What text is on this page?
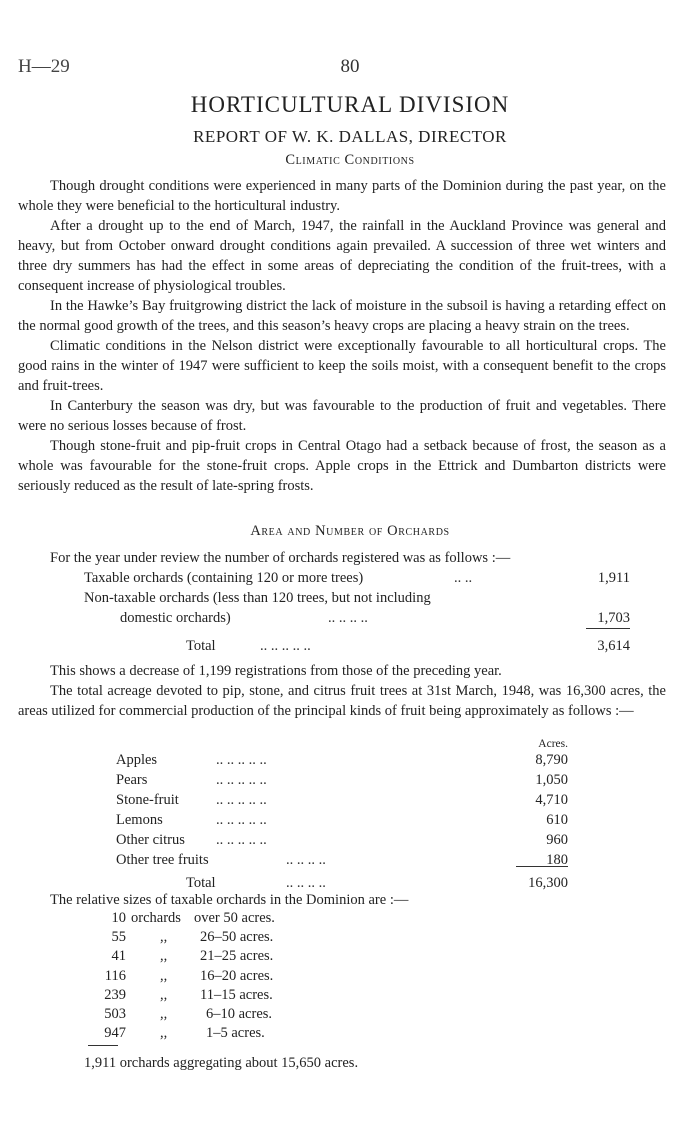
H—29	80
HORTICULTURAL DIVISION
REPORT OF W. K. DALLAS, DIRECTOR
Climatic Conditions

Though drought conditions were experienced in many parts of the Dominion during the past year, on the whole they were beneficial to the horticultural industry.

After a drought up to the end of March, 1947, the rainfall in the Auckland Province was general and heavy, but from October onward drought conditions again prevailed. A succession of three wet winters and three dry summers has had the effect in some areas of depreciating the condition of the fruit-trees, with a consequent increase of physiological troubles.

In the Hawke’s Bay fruitgrowing district the lack of moisture in the subsoil is having a retarding effect on the normal good growth of the trees, and this season’s heavy crops are placing a heavy strain on the trees.

Climatic conditions in the Nelson district were exceptionally favourable to all horticultural crops. The good rains in the winter of 1947 were sufficient to keep the soils moist, with a consequent benefit to the crops and fruit-trees.

In Canterbury the season was dry, but was favourable to the production of fruit and vegetables. There were no serious losses because of frost.

Though stone-fruit and pip-fruit crops in Central Otago had a setback because of frost, the season as a whole was favourable for the stone-fruit crops. Apple crops in the Ettrick and Dumbarton districts were seriously reduced as the result of late-spring frosts.

Area and Number of Orchards

For the year under review the number of orchards registered was as follows :—

Taxable orchards (containing 120 or more trees)	.. ..	1,911
Non-taxable orchards (less than 120 trees, but not including
domestic orchards)	.. .. .. ..	1,703
Total	.. .. .. .. ..	3,614

This shows a decrease of 1,199 registrations from those of the preceding year.

The total acreage devoted to pip, stone, and citrus fruit trees at 31st March, 1948, was 16,300 acres, the areas utilized for commercial production of the principal kinds of fruit being approximately as follows :—

Acres.
Apples	.. .. .. .. ..	8,790
Pears	.. .. .. .. ..	1,050
Stone-fruit	.. .. .. .. ..	4,710
Lemons	.. .. .. .. ..	610
Other citrus .. .. .. .. ..	960
Other tree fruits	.. .. .. ..	180
Total	.. .. .. ..	16,300

The relative sizes of taxable orchards in the Dominion are :—

10 orchards over 50 acres.
55 ,, 26–50 acres.
41 ,, 21–25 acres.
116 ,, 16–20 acres.
239 ,, 11–15 acres.
503 ,,	6–10 acres.
947 ,,	1–5 acres.

1,911 orchards aggregating about 15,650 acres.
